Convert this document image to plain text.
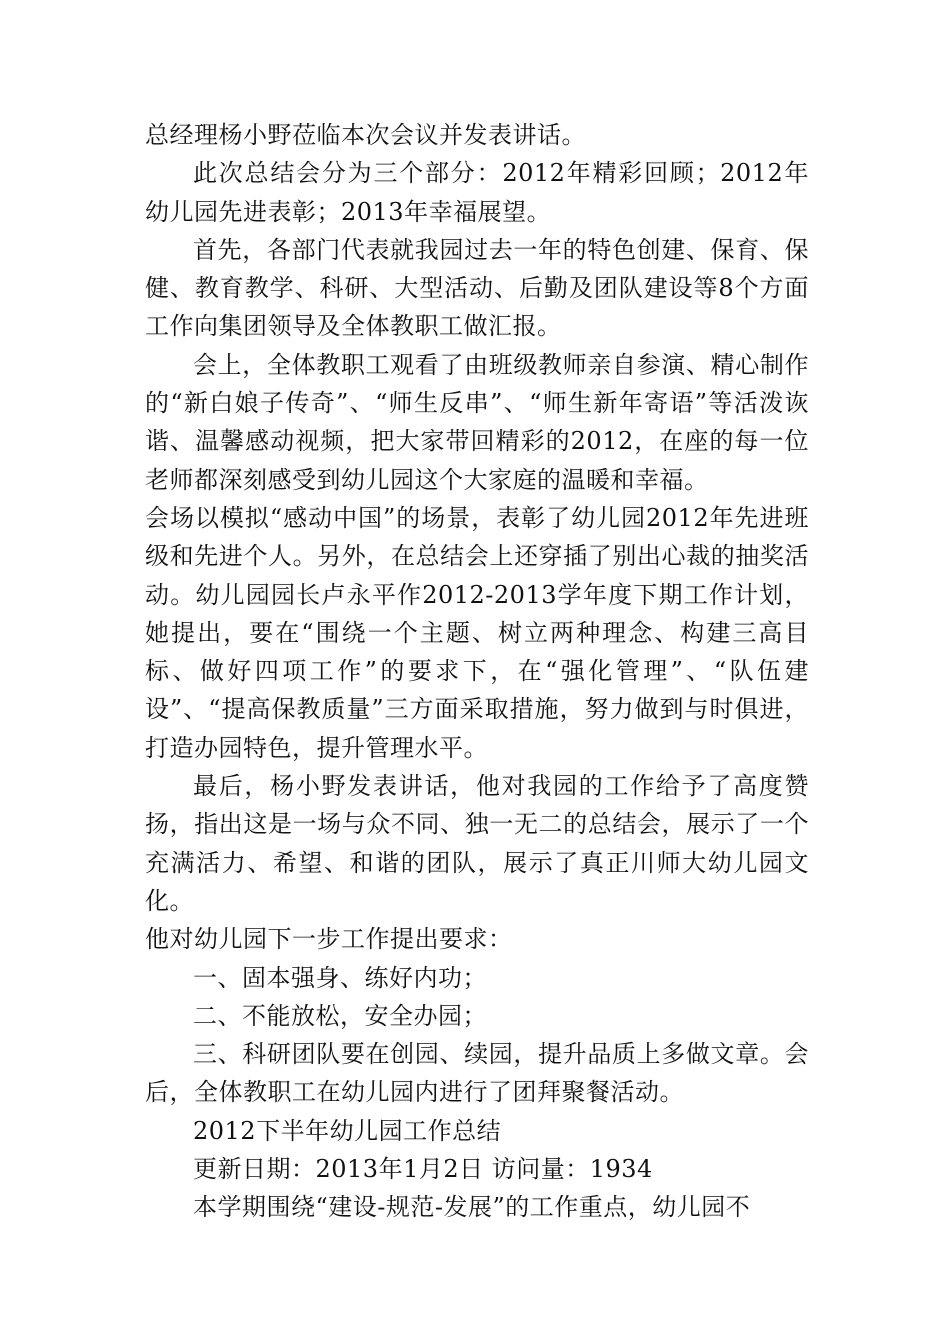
总经理杨小野莅临本次会议并发表讲话。

此次总结会分为三个部分：2012年精彩回顾；2012年幼儿园先进表彰；2013年幸福展望。

首先，各部门代表就我园过去一年的特色创建、保育、保健、教育教学、科研、大型活动、后勤及团队建设等8个方面工作向集团领导及全体教职工做汇报。

会上，全体教职工观看了由班级教师亲自参演、精心制作的“新白娘子传奇”、“师生反串”、“师生新年寄语”等活泼诙谐、温馨感动视频，把大家带回精彩的2012，在座的每一位老师都深刻感受到幼儿园这个大家庭的温暖和幸福。

会场以模拟“感动中国”的场景，表彰了幼儿园2012年先进班级和先进个人。另外，在总结会上还穿插了别出心裁的抽奖活动。幼儿园园长卢永平作2012-2013学年度下期工作计划，她提出，要在“围绕一个主题、树立两种理念、构建三高目标、做好四项工作”的要求下，在“强化管理”、“队伍建设”、“提高保教质量”三方面采取措施，努力做到与时俱进，打造办园特色，提升管理水平。

最后，杨小野发表讲话，他对我园的工作给予了高度赞扬，指出这是一场与众不同、独一无二的总结会，展示了一个充满活力、希望、和谐的团队，展示了真正川师大幼儿园文化。

他对幼儿园下一步工作提出要求：

一、固本强身、练好内功；

二、不能放松，安全办园；

三、科研团队要在创园、续园，提升品质上多做文章。会后，全体教职工在幼儿园内进行了团拜聚餐活动。

2012下半年幼儿园工作总结

更新日期：2013年1月2日 访问量：1934

本学期围绕“建设-规范-发展”的工作重点，幼儿园不
